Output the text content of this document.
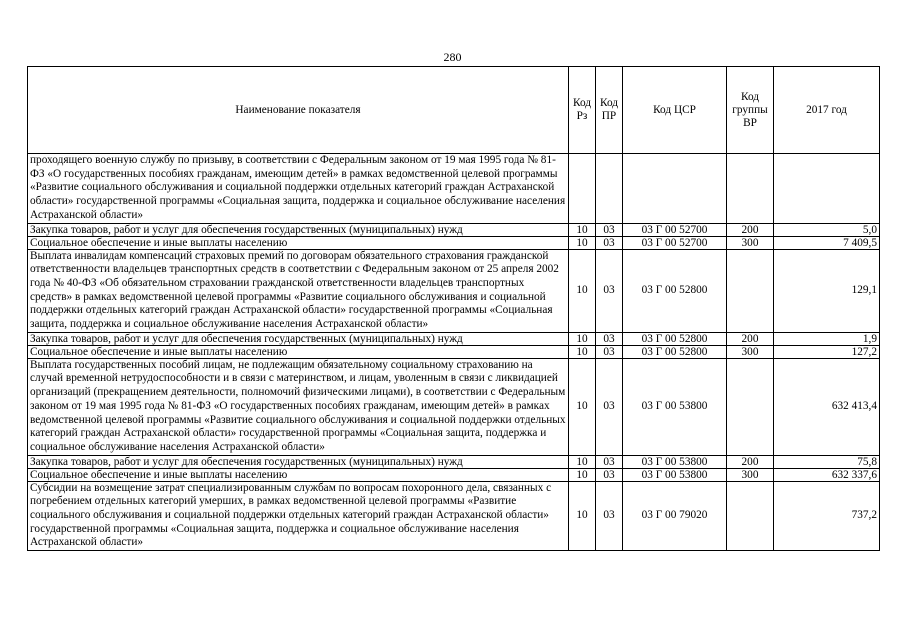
280
Наименование показателя	Код Рз	Код ПР	Код ЦСР	Код группы ВР	2017 год
проходящего военную службу по призыву, в соответствии с Федеральным законом от 19 мая 1995 года № 81-ФЗ «О государственных пособиях гражданам, имеющим детей» в рамках ведомственной целевой программы «Развитие социального обслуживания и социальной поддержки отдельных категорий граждан Астраханской области» государственной программы «Социальная защита, поддержка и социальное обслуживание населения Астраханской области»					
Закупка товаров, работ и услуг для обеспечения государственных (муниципальных) нужд	10	03	03 Г 00 52700	200	5,0
Социальное обеспечение и иные выплаты населению	10	03	03 Г 00 52700	300	7 409,5
Выплата инвалидам компенсаций страховых премий по договорам обязательного страхования гражданской ответственности владельцев транспортных средств в соответствии с Федеральным законом от 25 апреля 2002 года № 40-ФЗ «Об обязательном страховании гражданской ответственности владельцев транспортных средств» в рамках ведомственной целевой программы «Развитие социального обслуживания и социальной поддержки отдельных категорий граждан Астраханской области» государственной программы «Социальная защита, поддержка и социальное обслуживание населения Астраханской области»	10	03	03 Г 00 52800		129,1
Закупка товаров, работ и услуг для обеспечения государственных (муниципальных) нужд	10	03	03 Г 00 52800	200	1,9
Социальное обеспечение и иные выплаты населению	10	03	03 Г 00 52800	300	127,2
Выплата государственных пособий лицам, не подлежащим обязательному социальному страхованию на случай временной нетрудоспособности и в связи с материнством, и лицам, уволенным в связи с ликвидацией организаций (прекращением деятельности, полномочий физическими лицами), в соответствии с Федеральным законом от 19 мая 1995 года № 81-ФЗ «О государственных пособиях гражданам, имеющим детей» в рамках ведомственной целевой программы «Развитие социального обслуживания и социальной поддержки отдельных категорий граждан Астраханской области» государственной программы «Социальная защита, поддержка и социальное обслуживание населения Астраханской области»	10	03	03 Г 00 53800		632 413,4
Закупка товаров, работ и услуг для обеспечения государственных (муниципальных) нужд	10	03	03 Г 00 53800	200	75,8
Социальное обеспечение и иные выплаты населению	10	03	03 Г 00 53800	300	632 337,6
Субсидии на возмещение затрат специализированным службам по вопросам похоронного дела, связанных с погребением отдельных категорий умерших, в рамках ведомственной целевой программы «Развитие социального обслуживания и социальной поддержки отдельных категорий граждан Астраханской области» государственной программы «Социальная защита, поддержка и социальное обслуживание населения Астраханской области»	10	03	03 Г 00 79020		737,2
